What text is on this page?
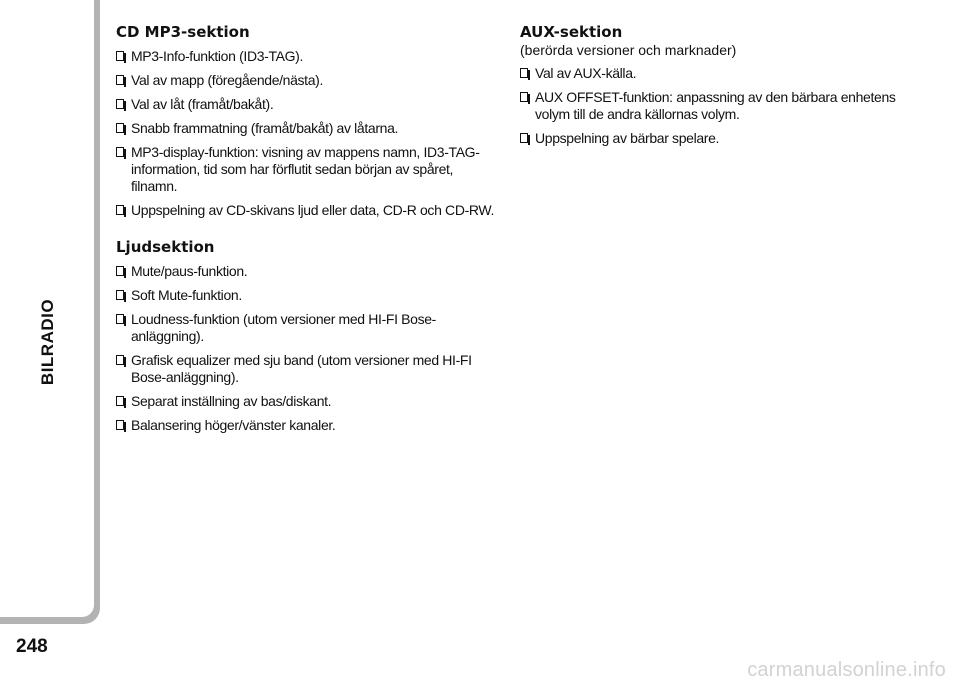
BILRADIO
248
CD MP3-sektion
MP3-Info-funktion (ID3-TAG).
Val av mapp (föregående/nästa).
Val av låt (framåt/bakåt).
Snabb frammatning (framåt/bakåt) av låtarna.
MP3-display-funktion: visning av mappens namn, ID3-TAG-information, tid som har förflutit sedan början av spåret, filnamn.
Uppspelning av CD-skivans ljud eller data, CD-R och CD-RW.
Ljudsektion
Mute/paus-funktion.
Soft Mute-funktion.
Loudness-funktion (utom versioner med HI-FI Bose-anläggning).
Grafisk equalizer med sju band (utom versioner med HI-FI Bose-anläggning).
Separat inställning av bas/diskant.
Balansering höger/vänster kanaler.
AUX-sektion
(berörda versioner och marknader)
Val av AUX-källa.
AUX OFFSET-funktion: anpassning av den bärbara enhetens volym till de andra källornas volym.
Uppspelning av bärbar spelare.
carmanualsonline.info
